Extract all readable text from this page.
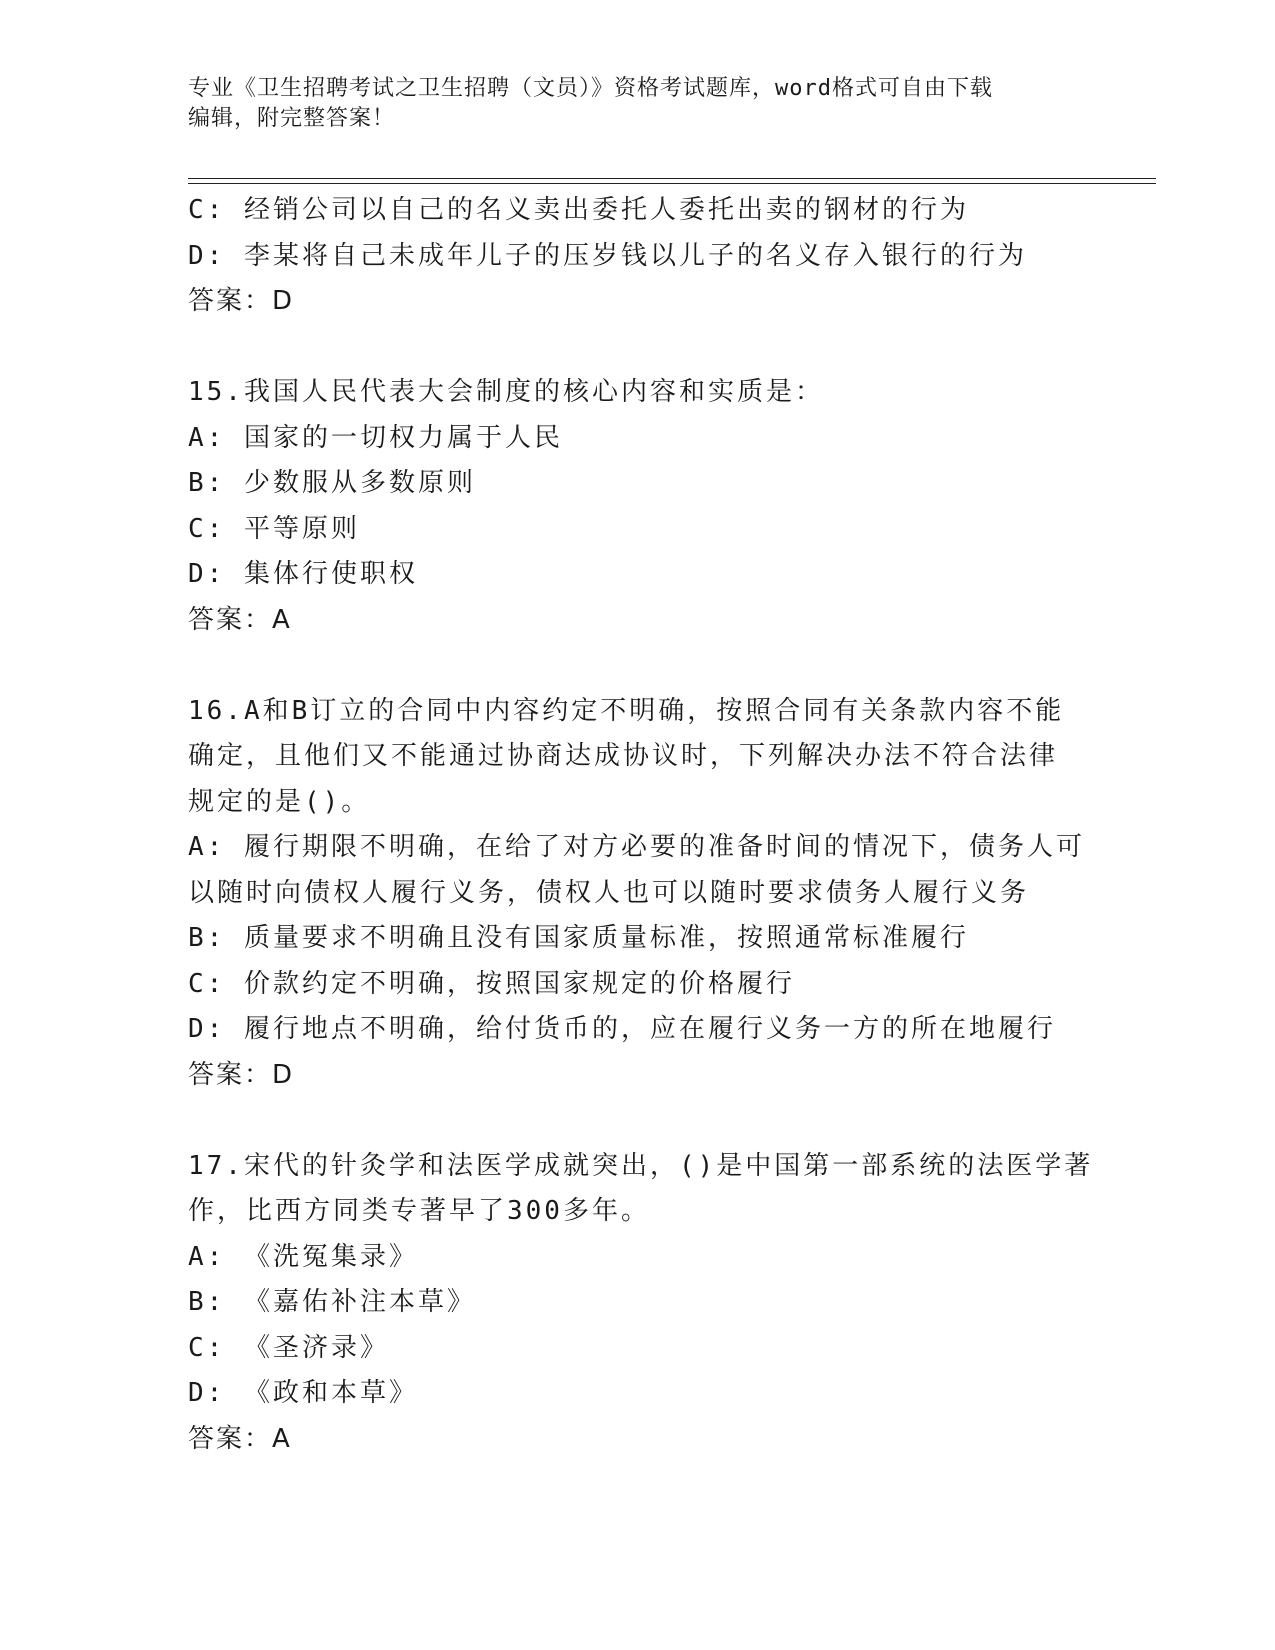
专业《卫生招聘考试之卫生招聘（文员）》资格考试题库，word格式可自由下载
编辑，附完整答案！
C: 经销公司以自己的名义卖出委托人委托出卖的钢材的行为
D: 李某将自己未成年儿子的压岁钱以儿子的名义存入银行的行为
答案：D
15.我国人民代表大会制度的核心内容和实质是：
A: 国家的一切权力属于人民
B: 少数服从多数原则
C: 平等原则
D: 集体行使职权
答案：A
16.A和B订立的合同中内容约定不明确，按照合同有关条款内容不能
确定，且他们又不能通过协商达成协议时，下列解决办法不符合法律
规定的是()。
A: 履行期限不明确，在给了对方必要的准备时间的情况下，债务人可
以随时向债权人履行义务，债权人也可以随时要求债务人履行义务
B: 质量要求不明确且没有国家质量标准，按照通常标准履行
C: 价款约定不明确，按照国家规定的价格履行
D: 履行地点不明确，给付货币的，应在履行义务一方的所在地履行
答案：D
17.宋代的针灸学和法医学成就突出，()是中国第一部系统的法医学著
作，比西方同类专著早了300多年。
A: 《洗冤集录》
B: 《嘉佑补注本草》
C: 《圣济录》
D: 《政和本草》
答案：A
